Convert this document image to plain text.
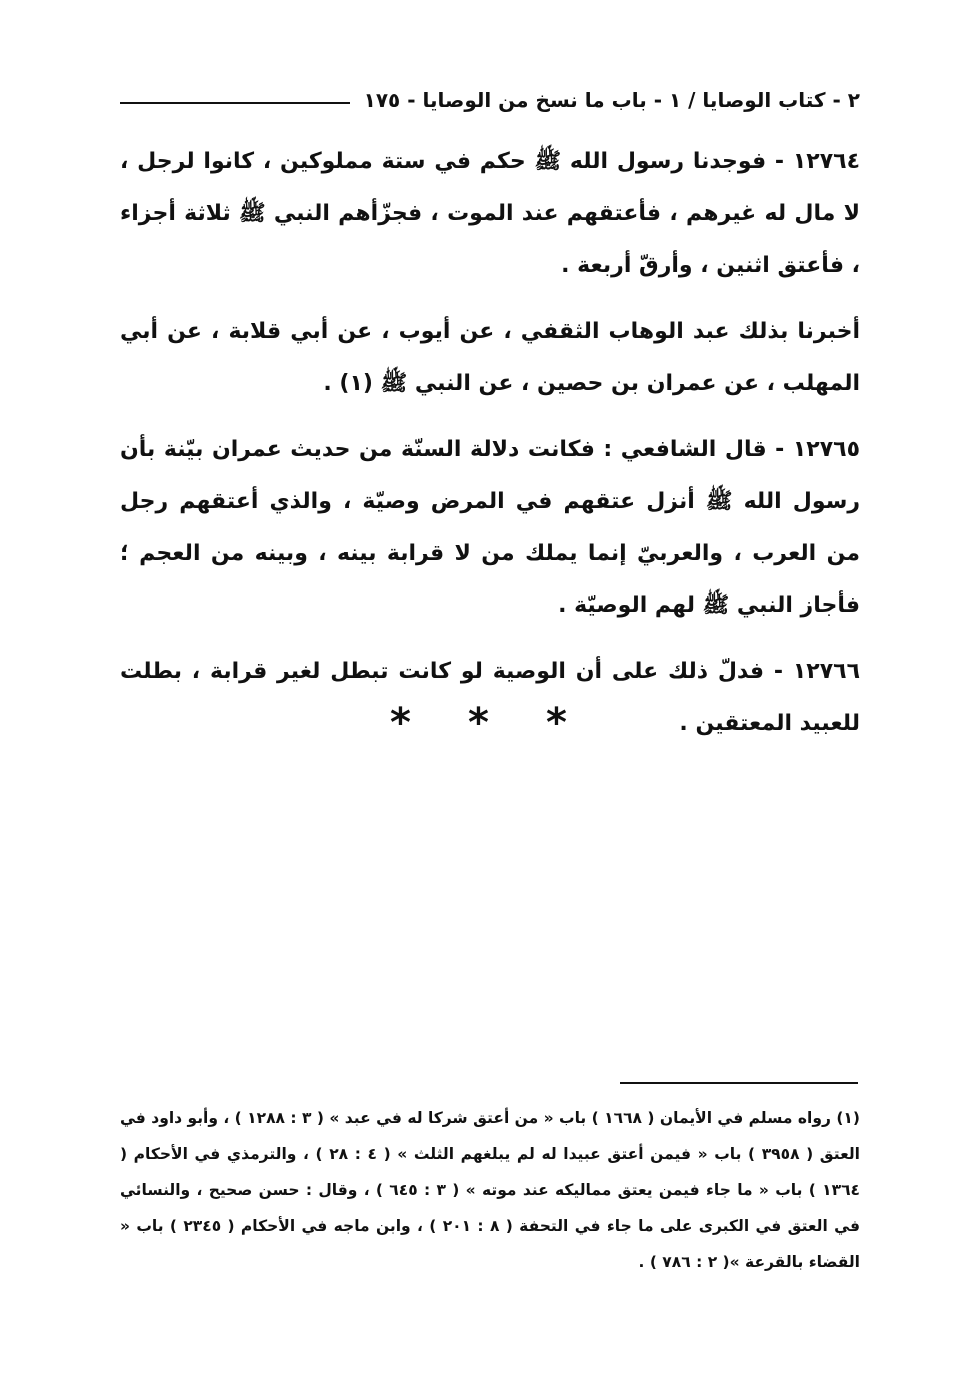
٢ - كتاب الوصايا / ١ - باب ما نسخ من الوصايا - ١٧٥

١٢٧٦٤ - فوجدنا رسول الله ﷺ حكم في ستة مملوكين ، كانوا لرجل ، لا مال له غيرهم ، فأعتقهم عند الموت ، فجزّأهم النبي ﷺ ثلاثة أجزاء ، فأعتق اثنين ، وأرقّ أربعة .

أخبرنا بذلك عبد الوهاب الثقفي ، عن أيوب ، عن أبي قلابة ، عن أبي المهلب ، عن عمران بن حصين ، عن النبي ﷺ (١) .

١٢٧٦٥ - قال الشافعي : فكانت دلالة السنّة من حديث عمران بيّنة بأن رسول الله ﷺ أنزل عتقهم في المرض وصيّة ، والذي أعتقهم رجل من العرب ، والعربيّ إنما يملك من لا قرابة بينه ، وبينه من العجم ؛ فأجاز النبي ﷺ لهم الوصيّة .

١٢٧٦٦ - فدلّ ذلك على أن الوصية لو كانت تبطل لغير قرابة ، بطلت للعبيد المعتقين .

* * *
(١) رواه مسلم في الأيمان ( ١٦٦٨ ) باب « من أعتق شركا له في عبد » ( ٣ : ١٢٨٨ ) ، وأبو داود في العتق ( ٣٩٥٨ ) باب « فيمن أعتق عبيدا له لم يبلغهم الثلث » ( ٤ : ٢٨ ) ، والترمذي في الأحكام ( ١٣٦٤ ) باب « ما جاء فيمن يعتق مماليكه عند موته » ( ٣ : ٦٤٥ ) ، وقال : حسن صحيح ، والنسائي في العتق في الكبرى على ما جاء في التحفة ( ٨ : ٢٠١ ) ، وابن ماجه في الأحكام ( ٢٣٤٥ ) باب « القضاء بالقرعة »( ٢ : ٧٨٦ ) .
